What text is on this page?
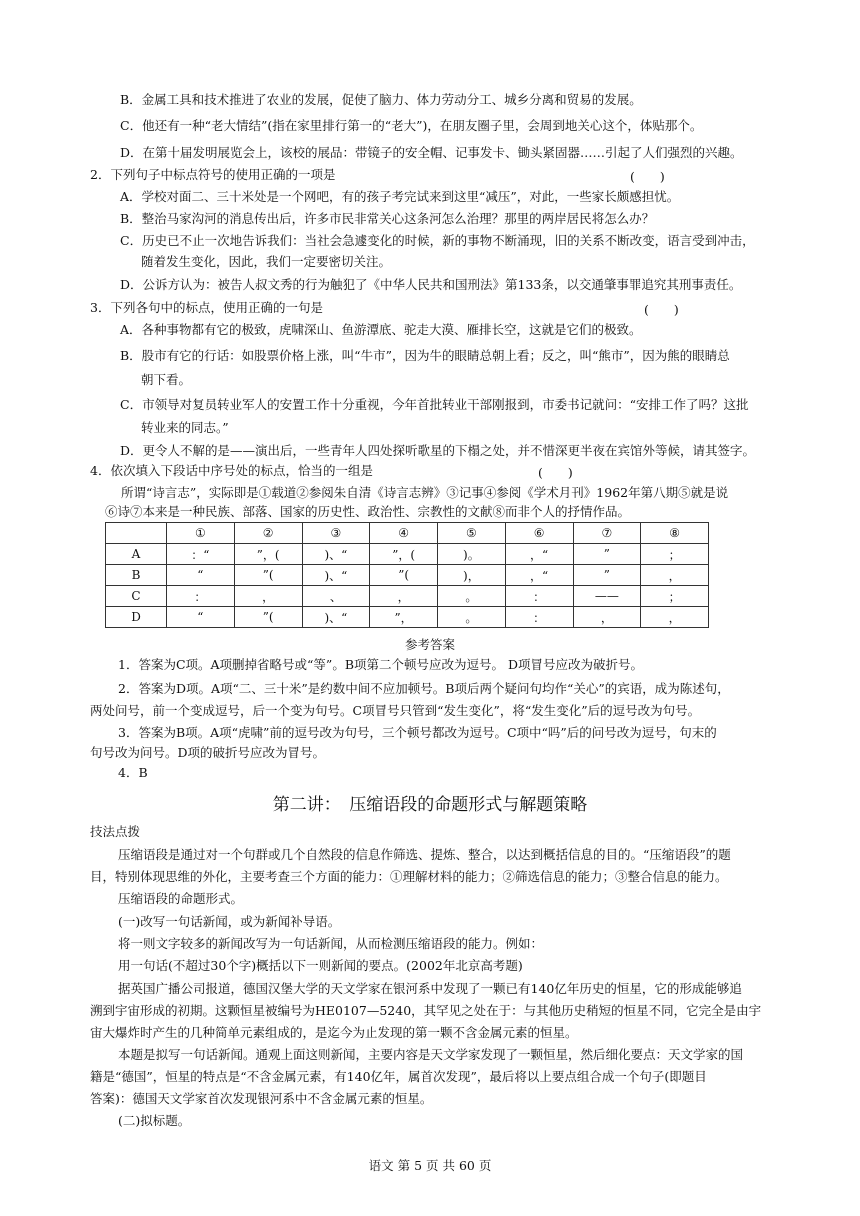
B．金属工具和技术推进了农业的发展，促使了脑力、体力劳动分工、城乡分离和贸易的发展。
C．他还有一种“老大情结”(指在家里排行第一的“老大”)，在朋友圈子里，会周到地关心这个，体贴那个。
D．在第十届发明展览会上，该校的展品：带镜子的安全帽、记事发卡、锄头紧固器……引起了人们强烈的兴趣。
2．下列句子中标点符号的使用正确的一项是	(　　)
A．学校对面二、三十米处是一个网吧，有的孩子考完试来到这里“减压”，对此，一些家长颇感担忧。
B．整治马家沟河的消息传出后，许多市民非常关心这条河怎么治理？那里的两岸居民将怎么办？
C．历史已不止一次地告诉我们：当社会急遽变化的时候，新的事物不断涌现，旧的关系不断改变，语言受到冲击，
随着发生变化，因此，我们一定要密切关注。
D．公诉方认为：被告人叔文秀的行为触犯了《中华人民共和国刑法》第133条，以交通肇事罪追究其刑事责任。
3．下列各句中的标点，使用正确的一句是	(　　)
A．各种事物都有它的极致，虎啸深山、鱼游潭底、驼走大漠、雁排长空，这就是它们的极致。
B．股市有它的行话：如股票价格上涨，叫“牛市”，因为牛的眼睛总朝上看；反之，叫“熊市”，因为熊的眼睛总
朝下看。
C．市领导对复员转业军人的安置工作十分重视，今年首批转业干部刚报到，市委书记就问：“安排工作了吗？这批
转业来的同志。”
D．更令人不解的是——演出后，一些青年人四处探听歌星的下榻之处，并不惜深更半夜在宾馆外等候，请其签字。
4．依次填入下段话中序号处的标点，恰当的一组是	(　　)
所谓“诗言志”，实际即是①载道②参阅朱自清《诗言志辨》③记事④参阅《学术月刊》1962年第八期⑤就是说
⑥诗⑦本来是一种民族、部落、国家的历史性、政治性、宗教性的文献⑧而非个人的抒情作品。
	①	②	③	④	⑤	⑥	⑦	⑧
A	：“	”，(	)、“	”，(	)。	，“	”	；
B	“	”(	)、“	”(	)，	，“	”	，
C	：	，	、	，	。	：	——	；
D	“	”(	)、“	”，	。	：	，	，
参考答案
1．答案为C项。A项删掉省略号或“等”。B项第二个顿号应改为逗号。 D项冒号应改为破折号。
2．答案为D项。A项“二、三十米”是约数中间不应加顿号。B项后两个疑问句均作“关心”的宾语，成为陈述句，
两处问号，前一个变成逗号，后一个变为句号。C项冒号只管到“发生变化”，将“发生变化”后的逗号改为句号。
3．答案为B项。A项“虎啸”前的逗号改为句号，三个顿号都改为逗号。C项中“吗”后的问号改为逗号，句末的
句号改为问号。D项的破折号应改为冒号。
4．B
第二讲：　压缩语段的命题形式与解题策略
技法点拨
压缩语段是通过对一个句群或几个自然段的信息作筛选、提炼、整合，以达到概括信息的目的。“压缩语段”的题
目，特别体现思维的外化，主要考查三个方面的能力：①理解材料的能力；②筛选信息的能力；③整合信息的能力。
压缩语段的命题形式。
(一)改写一句话新闻，或为新闻补导语。
将一则文字较多的新闻改写为一句话新闻，从而检测压缩语段的能力。例如：
用一句话(不超过30个字)概括以下一则新闻的要点。(2002年北京高考题)
据英国广播公司报道，德国汉堡大学的天文学家在银河系中发现了一颗已有140亿年历史的恒星，它的形成能够追
溯到宇宙形成的初期。这颗恒星被编号为HE0107—5240，其罕见之处在于：与其他历史稍短的恒星不同，它完全是由宇
宙大爆炸时产生的几种简单元素组成的，是迄今为止发现的第一颗不含金属元素的恒星。
本题是拟写一句话新闻。通观上面这则新闻，主要内容是天文学家发现了一颗恒星，然后细化要点：天文学家的国
籍是“德国”，恒星的特点是“不含金属元素，有140亿年，属首次发现”，最后将以上要点组合成一个句子(即题目
答案)：德国天文学家首次发现银河系中不含金属元素的恒星。
(二)拟标题。
语文 第 5 页 共 60 页
